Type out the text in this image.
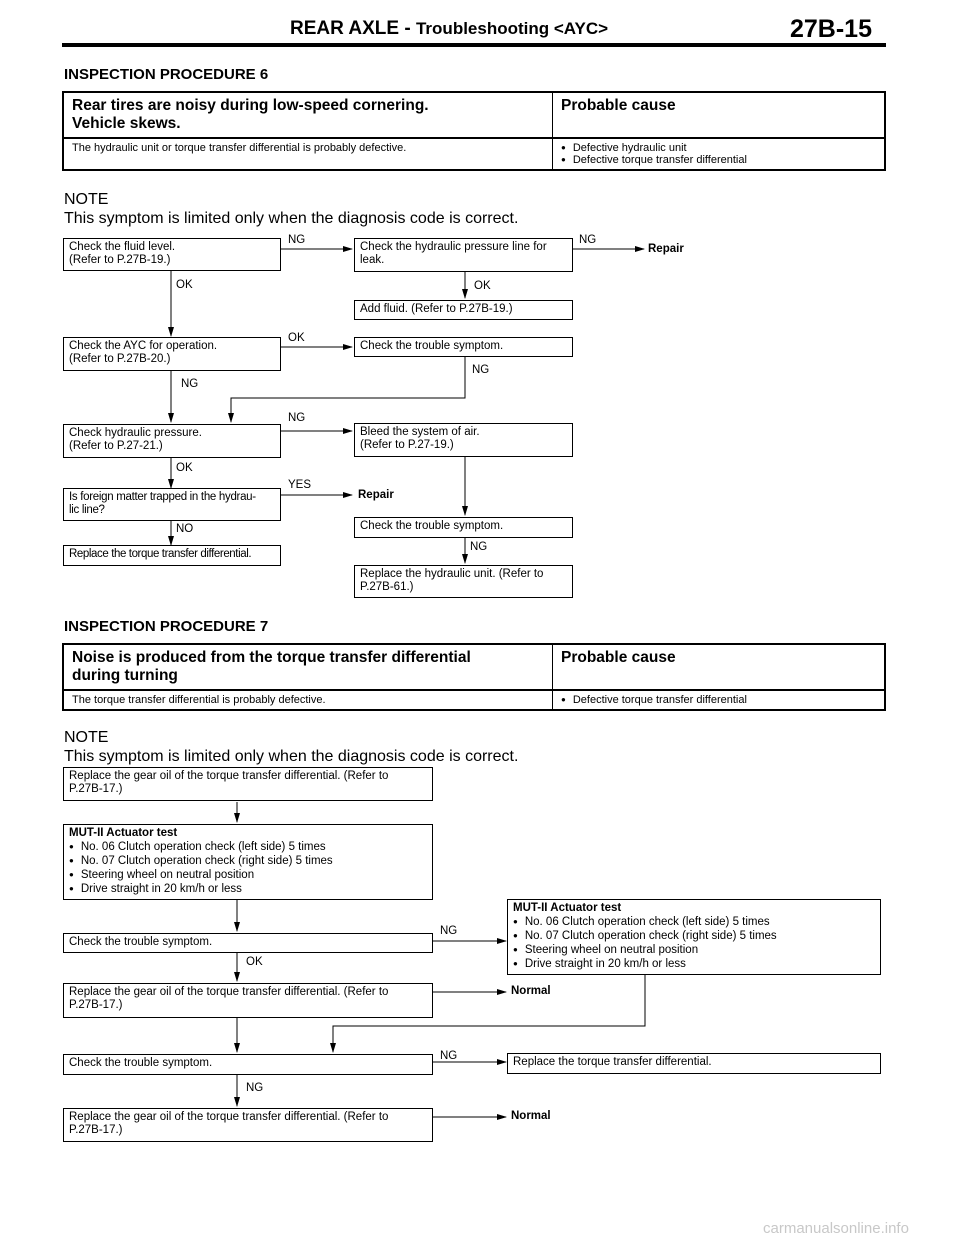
REAR AXLE - Troubleshooting <AYC>	27B-15
INSPECTION PROCEDURE 6
Rear tires are noisy during low-speed cornering.
Vehicle skews.	Probable cause
The hydraulic unit or torque transfer differential is probably defective.	● Defective hydraulic unit
● Defective torque transfer differential
NOTE
This symptom is limited only when the diagnosis code is correct.
Check the fluid level.
(Refer to P.27B-19.)
Check the hydraulic pressure line for
leak.
Repair
Add fluid. (Refer to P.27B-19.)
Check the AYC for operation.
(Refer to P.27B-20.)
Check the trouble symptom.
Check hydraulic pressure.
(Refer to P.27-21.)
Bleed the system of air.
(Refer to P.27-19.)
Is foreign matter trapped in the hydrau-
lic line?
Repair
Check the trouble symptom.
Replace the torque transfer differential.
Replace the hydraulic unit. (Refer to
P.27B-61.)
NG	NG
OK	OK
OK
NG
NG
NG
OK
YES
NO
NG
INSPECTION PROCEDURE 7
Noise is produced from the torque transfer differential
during turning	Probable cause
The torque transfer differential is probably defective.	● Defective torque transfer differential
NOTE
This symptom is limited only when the diagnosis code is correct.
Replace the gear oil of the torque transfer differential. (Refer to
P.27B-17.)
MUT-II Actuator test
● No. 06 Clutch operation check (left side) 5 times
● No. 07 Clutch operation check (right side) 5 times
● Steering wheel on neutral position
● Drive straight in 20 km/h or less
Check the trouble symptom.
MUT-II Actuator test
● No. 06 Clutch operation check (left side) 5 times
● No. 07 Clutch operation check (right side) 5 times
● Steering wheel on neutral position
● Drive straight in 20 km/h or less
Replace the gear oil of the torque transfer differential. (Refer to
P.27B-17.)
Normal
Check the trouble symptom.	Replace the torque transfer differential.
Replace the gear oil of the torque transfer differential. (Refer to
P.27B-17.)
Normal
NG
OK
NG
NG
carmanualsonline.info
